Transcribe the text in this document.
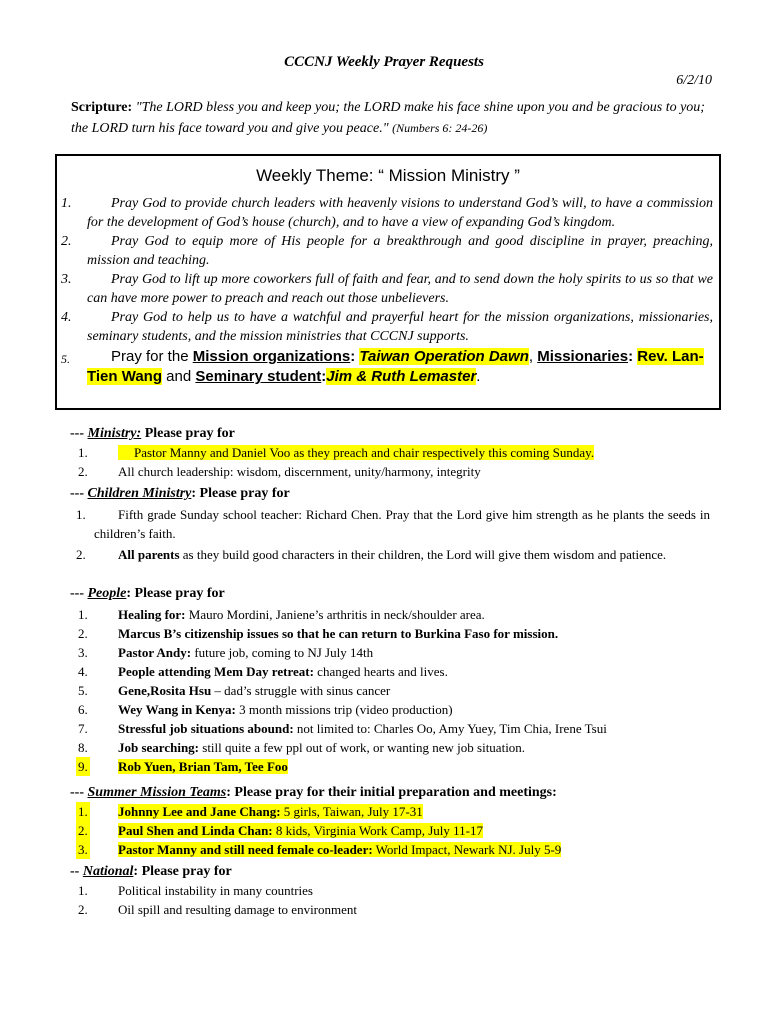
CCCNJ Weekly Prayer Requests
6/2/10
Scripture: "The LORD bless you and keep you; the LORD make his face shine upon you and be gracious to you; the LORD turn his face toward you and give you peace." (Numbers 6: 24-26)
Weekly Theme: “ Mission Ministry ”
1.	Pray God to provide church leaders with heavenly visions to understand God’s will, to have a commission for the development of God’s house (church), and to have a view of expanding God’s kingdom.
2.	Pray God to equip more of His people for a breakthrough and good discipline in prayer, preaching, mission and teaching.
3.	Pray God to lift up more coworkers full of faith and fear, and to send down the holy spirits to us so that we can have more power to preach and reach out those unbelievers.
4.	Pray God to help us to have a watchful and prayerful heart for the mission organizations, missionaries, seminary students, and the mission ministries that CCCNJ supports.
5.	Pray for the Mission organizations: Taiwan Operation Dawn, Missionaries: Rev. Lan-Tien Wang and Seminary student:Jim & Ruth Lemaster.
--- Ministry: Please pray for
1.	Pastor Manny and Daniel Voo as they preach and chair respectively this coming Sunday.
2. All church leadership: wisdom, discernment, unity/harmony, integrity
--- Children Ministry: Please pray for
1. Fifth grade Sunday school teacher: Richard Chen. Pray that the Lord give him strength as he plants the seeds in children’s faith.
2. All parents as they build good characters in their children, the Lord will give them wisdom and patience.
--- People: Please pray for
1. Healing for: Mauro Mordini, Janiene’s arthritis in neck/shoulder area.
2. Marcus B’s citizenship issues so that he can return to Burkina Faso for mission.
3. Pastor Andy: future job, coming to NJ July 14th
4. People attending Mem Day retreat: changed hearts and lives.
5. Gene,Rosita Hsu – dad’s struggle with sinus cancer
6. Wey Wang in Kenya: 3 month missions trip (video production)
7. Stressful job situations abound: not limited to: Charles Oo, Amy Yuey, Tim Chia, Irene Tsui
8. Job searching: still quite a few ppl out of work, or wanting new job situation.
9. Rob Yuen, Brian Tam, Tee Foo
--- Summer Mission Teams: Please pray for their initial preparation and meetings:
1. Johnny Lee and Jane Chang: 5 girls, Taiwan, July 17-31
2. Paul Shen and Linda Chan: 8 kids, Virginia Work Camp, July 11-17
3. Pastor Manny and still need female co-leader: World Impact, Newark NJ. July 5-9
-- National: Please pray for
1. Political instability in many countries
2. Oil spill and resulting damage to environment
